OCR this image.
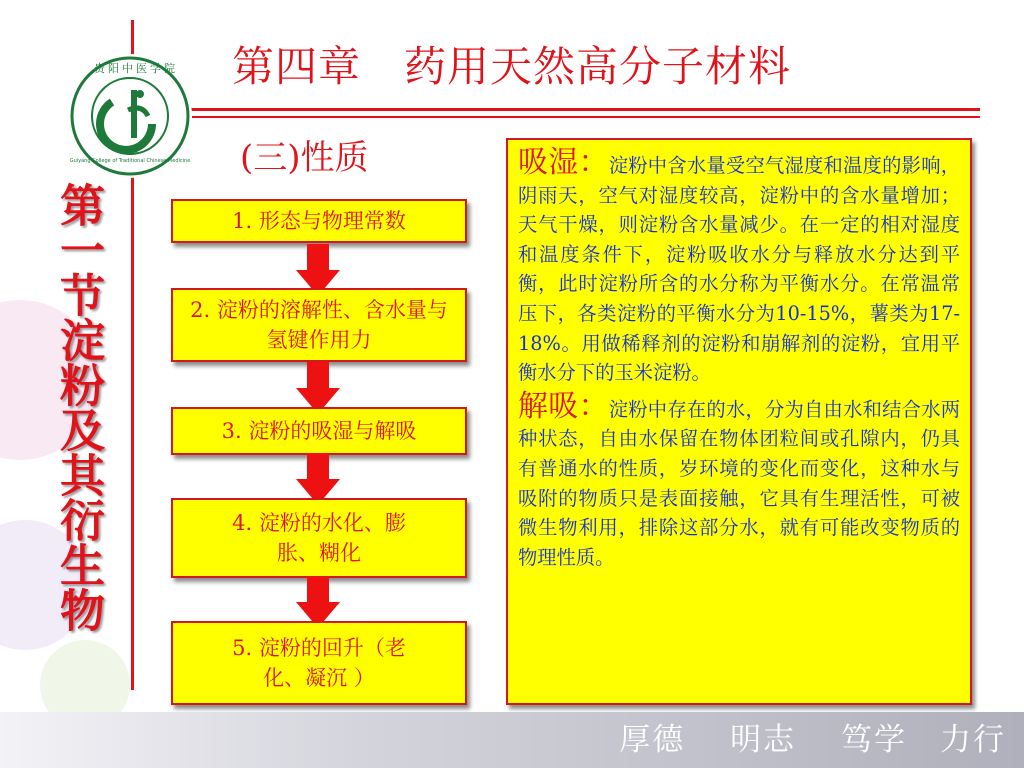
1965
贵阳中医学院
Guiyang College of Traditional Chinese Medicine
第四章　药用天然高分子材料
(三)性质
第一节淀粉及其衍生物	1. 形态与物理常数
2. 淀粉的溶解性、含水量与氢键作用力
3. 淀粉的吸湿与解吸
4. 淀粉的水化、膨胀、糊化
5. 淀粉的回升（老化、凝沉 ）

吸湿：淀粉中含水量受空气湿度和温度的影响，阴雨天，空气对湿度较高，淀粉中的含水量增加；天气干燥，则淀粉含水量减少。在一定的相对湿度和温度条件下，淀粉吸收水分与释放水分达到平衡，此时淀粉所含的水分称为平衡水分。在常温常压下，各类淀粉的平衡水分为10-15%，薯类为17-18%。用做稀释剂的淀粉和崩解剂的淀粉，宜用平衡水分下的玉米淀粉。

解吸：淀粉中存在的水，分为自由水和结合水两种状态，自由水保留在物体团粒间或孔隙内，仍具有普通水的性质，岁环境的变化而变化，这种水与吸附的物质只是表面接触，它具有生理活性，可被微生物利用，排除这部分水，就有可能改变物质的物理性质。

厚德　 明志 　笃学　力行
